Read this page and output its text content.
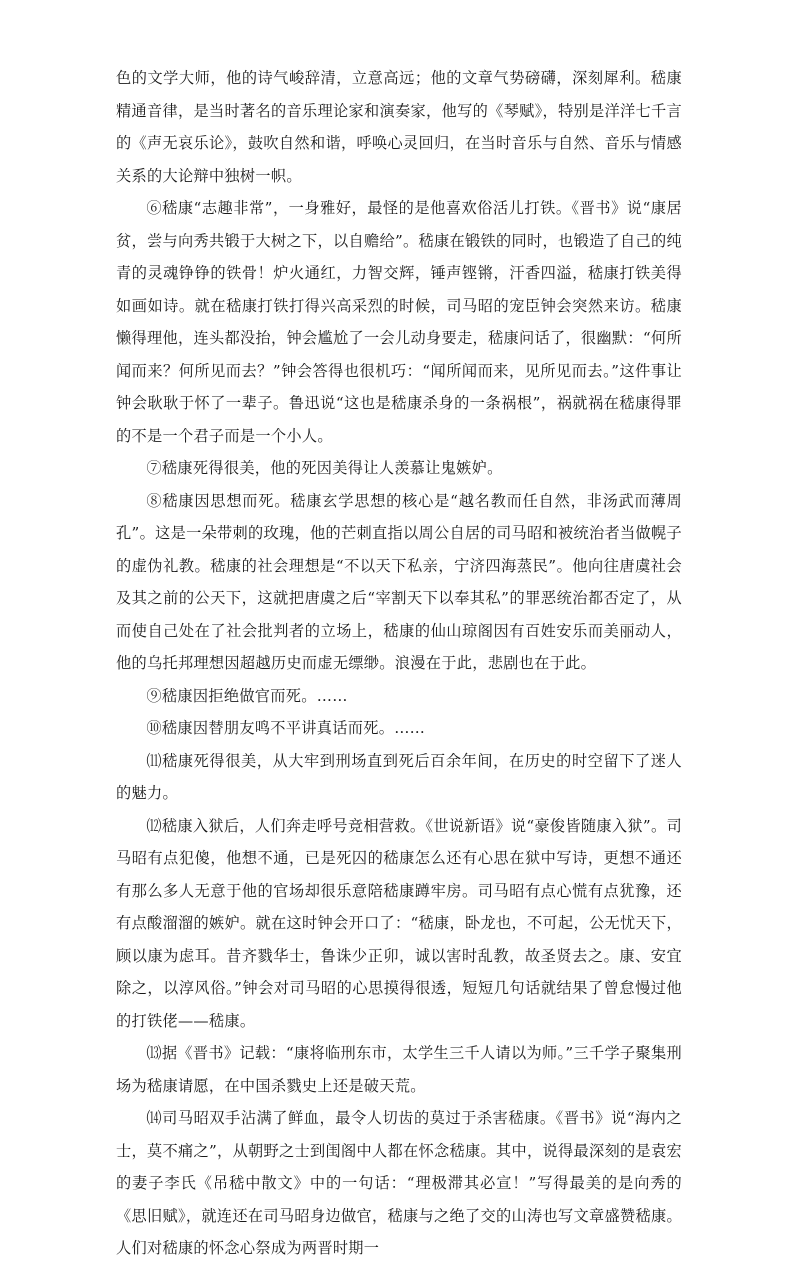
色的文学大师，他的诗气峻辞清，立意高远；他的文章气势磅礴，深刻犀利。嵇康精通音律，是当时著名的音乐理论家和演奏家，他写的《琴赋》，特别是洋洋七千言的《声无哀乐论》，鼓吹自然和谐，呼唤心灵回归，在当时音乐与自然、音乐与情感关系的大论辩中独树一帜。

⑥嵇康“志趣非常”，一身雅好，最怪的是他喜欢俗活儿打铁。《晋书》说“康居贫，尝与向秀共锻于大树之下，以自赡给”。嵇康在锻铁的同时，也锻造了自己的纯青的灵魂铮铮的铁骨！炉火通红，力智交辉，锤声铿锵，汗香四溢，嵇康打铁美得如画如诗。就在嵇康打铁打得兴高采烈的时候，司马昭的宠臣钟会突然来访。嵇康懒得理他，连头都没抬，钟会尴尬了一会儿动身要走，嵇康问话了，很幽默：“何所闻而来？何所见而去？”钟会答得也很机巧：“闻所闻而来，见所见而去。”这件事让钟会耿耿于怀了一辈子。鲁迅说“这也是嵇康杀身的一条祸根”，祸就祸在嵇康得罪的不是一个君子而是一个小人。

⑦嵇康死得很美，他的死因美得让人羡慕让鬼嫉妒。

⑧嵇康因思想而死。嵇康玄学思想的核心是“越名教而任自然，非汤武而薄周孔”。这是一朵带刺的玫瑰，他的芒刺直指以周公自居的司马昭和被统治者当做幌子的虚伪礼教。嵇康的社会理想是“不以天下私亲，宁济四海蒸民”。他向往唐虞社会及其之前的公天下，这就把唐虞之后“宰割天下以奉其私”的罪恶统治都否定了，从而使自己处在了社会批判者的立场上，嵇康的仙山琼阁因有百姓安乐而美丽动人，他的乌托邦理想因超越历史而虚无缥缈。浪漫在于此，悲剧也在于此。

⑨嵇康因拒绝做官而死。……

⑩嵇康因替朋友鸣不平讲真话而死。……

⑾嵇康死得很美，从大牢到刑场直到死后百余年间，在历史的时空留下了迷人的魅力。

⑿嵇康入狱后，人们奔走呼号竞相营救。《世说新语》说“豪俊皆随康入狱”。司马昭有点犯傻，他想不通，已是死囚的嵇康怎么还有心思在狱中写诗，更想不通还有那么多人无意于他的官场却很乐意陪嵇康蹲牢房。司马昭有点心慌有点犹豫，还有点酸溜溜的嫉妒。就在这时钟会开口了：“嵇康，卧龙也，不可起，公无忧天下，顾以康为虑耳。昔齐戮华士，鲁诛少正卯，诚以害时乱教，故圣贤去之。康、安宜除之，以淳风俗。”钟会对司马昭的心思摸得很透，短短几句话就结果了曾怠慢过他的打铁佬——嵇康。

⒀据《晋书》记载：“康将临刑东市，太学生三千人请以为师。”三千学子聚集刑场为嵇康请愿，在中国杀戮史上还是破天荒。

⒁司马昭双手沾满了鲜血，最令人切齿的莫过于杀害嵇康。《晋书》说“海内之士，莫不痛之”，从朝野之士到闺阁中人都在怀念嵇康。其中，说得最深刻的是袁宏的妻子李氏《吊嵇中散文》中的一句话：“理极滞其必宣！”写得最美的是向秀的《思旧赋》，就连还在司马昭身边做官，嵇康与之绝了交的山涛也写文章盛赞嵇康。人们对嵇康的怀念心祭成为两晋时期一
